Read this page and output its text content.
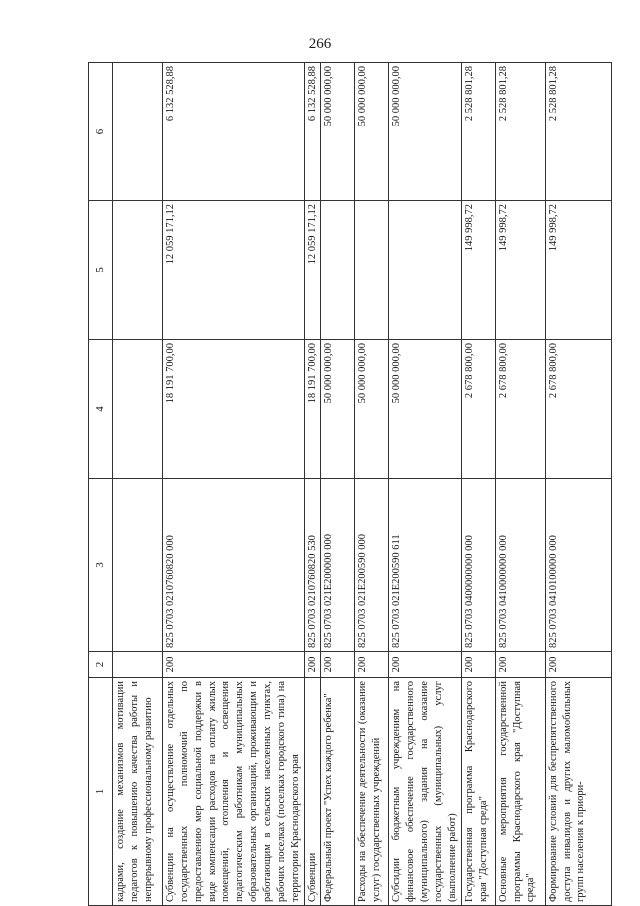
266
1	2	3	4	5	6
кадрами, создание механизмов мотивации педагогов к повышению качества работы и непрерывному профессиональному развитию					
Субвенции на осуществление отдельных государственных полномочий по предоставлению мер социальной поддержки в виде компенсации расходов на оплату жилых помещений, отопления и освещения педагогическим работникам муниципальных образовательных организаций, проживающим и работающим в сельских населенных пунктах, рабочих поселках (поселках городского типа) на территории Краснодарского края	200	825 0703 0210760820 000	18 191 700,00	12 059 171,12	6 132 528,88
Субвенции	200	825 0703 0210760820 530	18 191 700,00	12 059 171,12	6 132 528,88
Федеральный проект "Успех каждого ребенка"	200	825 0703 021E200000 000	50 000 000,00		50 000 000,00
Расходы на обеспечение деятельности (оказание услуг) государственных учреждений	200	825 0703 021E200590 000	50 000 000,00		50 000 000,00
Субсидии бюджетным учреждениям на финансовое обеспечение государственного (муниципального) задания на оказание государственных (муниципальных) услуг (выполнение работ)	200	825 0703 021E200590 611	50 000 000,00		50 000 000,00
Государственная программа Краснодарского края "Доступная среда"	200	825 0703 0400000000 000	2 678 800,00	149 998,72	2 528 801,28
Основные мероприятия государственной программы Краснодарского края "Доступная среда"	200	825 0703 0410000000 000	2 678 800,00	149 998,72	2 528 801,28
Формирование условий для беспрепятственного доступа инвалидов и других маломобильных групп населения к приори-	200	825 0703 0410100000 000	2 678 800,00	149 998,72	2 528 801,28
